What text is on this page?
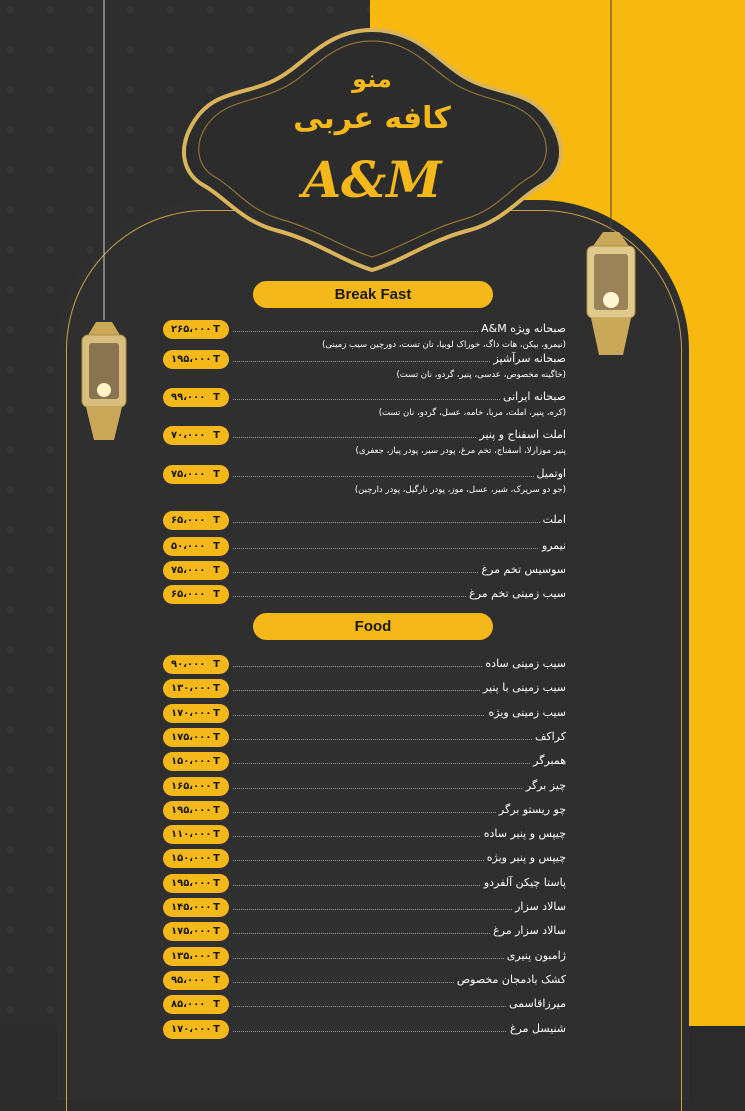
منو
کافه عربی
A&M
Break Fast
Food
۲۶۵،۰۰۰ T	صبحانه ویژه A&M
(نیمرو، بیکن، هات داگ، خوراک لوبیا، نان تست، دورچین سیب زمینی)
۱۹۵،۰۰۰ T	صبحانه سرآشپز
(خاگینه مخصوص، عدسی، پنیر، گردو، نان تست)
۹۹،۰۰۰ T	صبحانه ایرانی
(کره، پنیر، املت، مربا، خامه، عسل، گردو، نان تست)
۷۰،۰۰۰ T	املت اسفناج و پنیر
پنیر موزارلا، اسفناج، تخم مرغ، پودر سیر، پودر پیاز، جعفری)
۷۵،۰۰۰ T	اوتمیل
(جو دو سرپرک، شیر، عسل، موز، پودر نارگیل، پودر دارچین)
۶۵،۰۰۰ T	املت
۵۰،۰۰۰ T	نیمرو
۷۵،۰۰۰ T	سوسیس تخم مرغ
۶۵،۰۰۰ T	سیب زمینی تخم مرغ
۹۰،۰۰۰ T	سیب زمینی ساده
۱۳۰،۰۰۰ T	سیب زمینی با پنیر
۱۷۰،۰۰۰ T	سیب زمینی ویژه
۱۷۵،۰۰۰ T	کراکف
۱۵۰،۰۰۰ T	همبرگر
۱۶۵،۰۰۰ T	چیز برگر
۱۹۵،۰۰۰ T	چو ریستو برگر
۱۱۰،۰۰۰ T	چیپس و پنیر ساده
۱۵۰،۰۰۰ T	چیپس و پنیر ویژه
۱۹۵،۰۰۰ T	پاستا چیکن آلفردو
۱۴۵،۰۰۰ T	سالاد سزار
۱۷۵،۰۰۰ T	سالاد سزار مرغ
۱۳۵،۰۰۰ T	ژامبون پنیری
۹۵،۰۰۰ T	کشک بادمجان مخصوص
۸۵،۰۰۰ T	میرزاقاسمی
۱۷۰،۰۰۰ T	شنیسل مرغ
